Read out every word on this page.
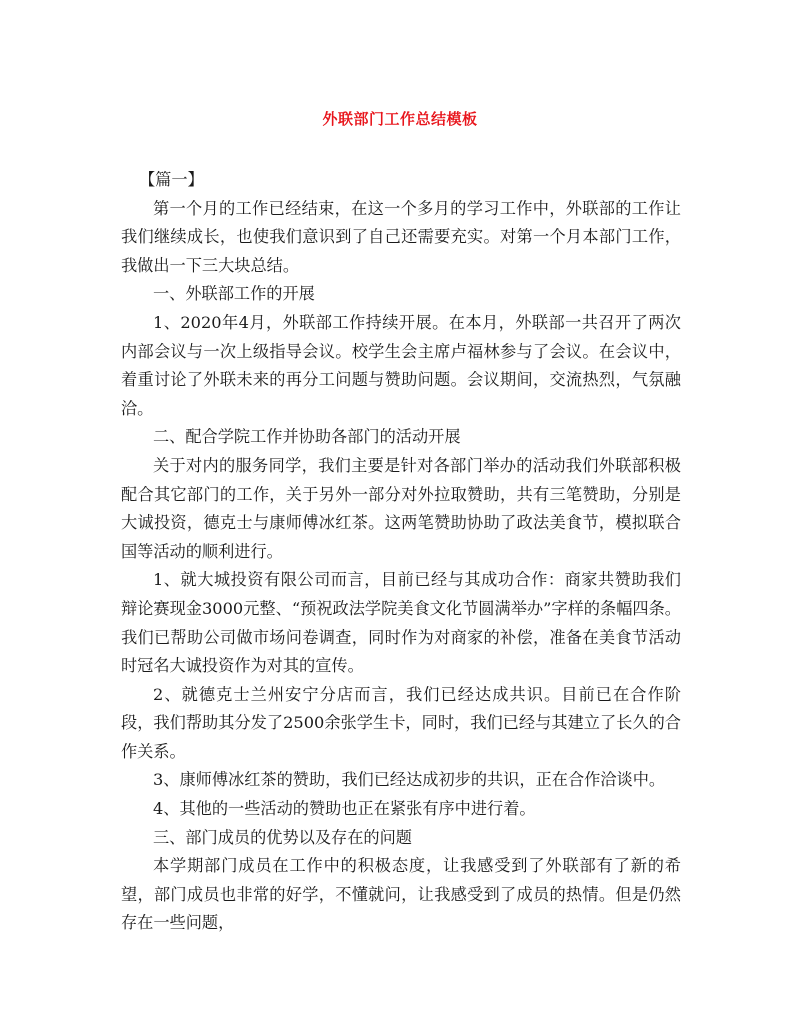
外联部门工作总结模板

【篇一】

第一个月的工作已经结束，在这一个多月的学习工作中，外联部的工作让我们继续成长，也使我们意识到了自己还需要充实。对第一个月本部门工作，我做出一下三大块总结。

一、外联部工作的开展

1、2020年4月，外联部工作持续开展。在本月，外联部一共召开了两次内部会议与一次上级指导会议。校学生会主席卢福林参与了会议。在会议中，着重讨论了外联未来的再分工问题与赞助问题。会议期间，交流热烈，气氛融洽。

二、配合学院工作并协助各部门的活动开展

关于对内的服务同学，我们主要是针对各部门举办的活动我们外联部积极配合其它部门的工作，关于另外一部分对外拉取赞助，共有三笔赞助，分别是大诚投资，德克士与康师傅冰红茶。这两笔赞助协助了政法美食节，模拟联合国等活动的顺利进行。

1、就大城投资有限公司而言，目前已经与其成功合作：商家共赞助我们辩论赛现金3000元整、“预祝政法学院美食文化节圆满举办”字样的条幅四条。我们已帮助公司做市场问卷调查，同时作为对商家的补偿，准备在美食节活动时冠名大诚投资作为对其的宣传。

2、就德克士兰州安宁分店而言，我们已经达成共识。目前已在合作阶段，我们帮助其分发了2500余张学生卡，同时，我们已经与其建立了长久的合作关系。

3、康师傅冰红茶的赞助，我们已经达成初步的共识，正在合作洽谈中。

4、其他的一些活动的赞助也正在紧张有序中进行着。

三、部门成员的优势以及存在的问题

本学期部门成员在工作中的积极态度，让我感受到了外联部有了新的希望，部门成员也非常的好学，不懂就问，让我感受到了成员的热情。但是仍然存在一些问题，
